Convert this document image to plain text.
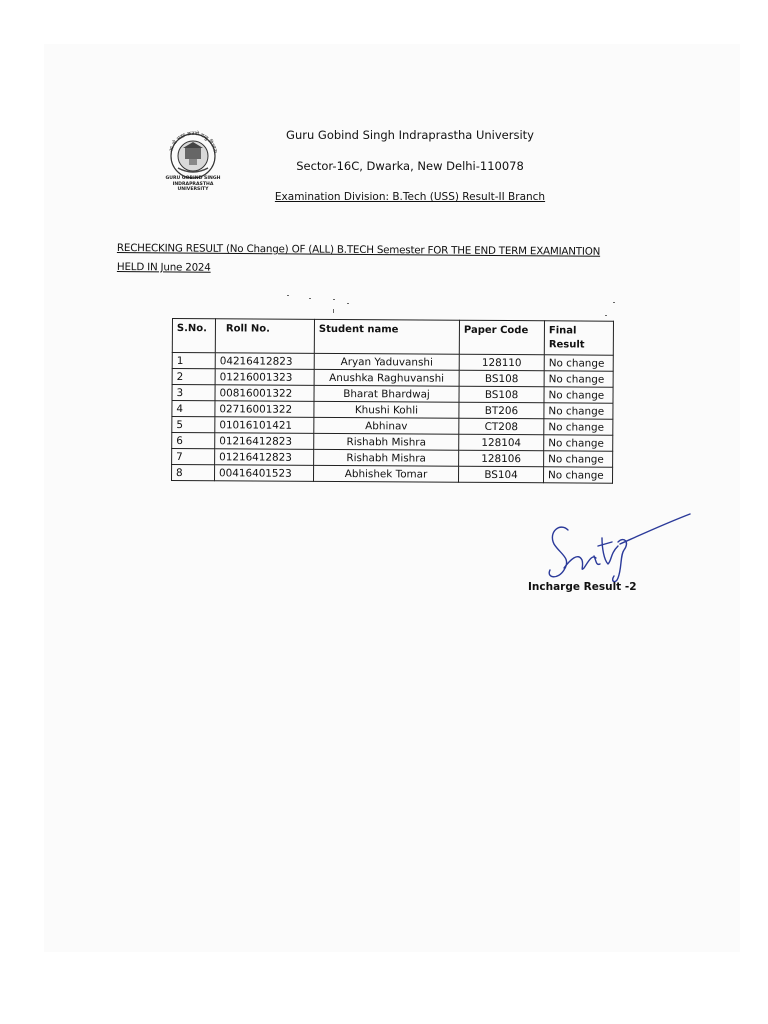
आ नो भद्राः क्रतवो यन्तु विश्वतः
GURU GOBIND SINGH
INDRAPRASTHA
UNIVERSITY
Guru Gobind Singh Indraprastha University
Sector-16C, Dwarka, New Delhi-110078
Examination Division: B.Tech (USS) Result-II Branch
RECHECKING RESULT (No Change) OF (ALL) B.TECH Semester FOR THE END TERM EXAMIANTION
HELD IN June 2024
S.No.	Roll No.	Student name	Paper Code	Final
Result
1	04216412823	Aryan Yaduvanshi	128110	No change
2	01216001323	Anushka Raghuvanshi	BS108	No change
3	00816001322	Bharat Bhardwaj	BS108	No change
4	02716001322	Khushi Kohli	BT206	No change
5	01016101421	Abhinav	CT208	No change
6	01216412823	Rishabh Mishra	128104	No change
7	01216412823	Rishabh Mishra	128106	No change
8	00416401523	Abhishek Tomar	BS104	No change
Incharge Result -2
